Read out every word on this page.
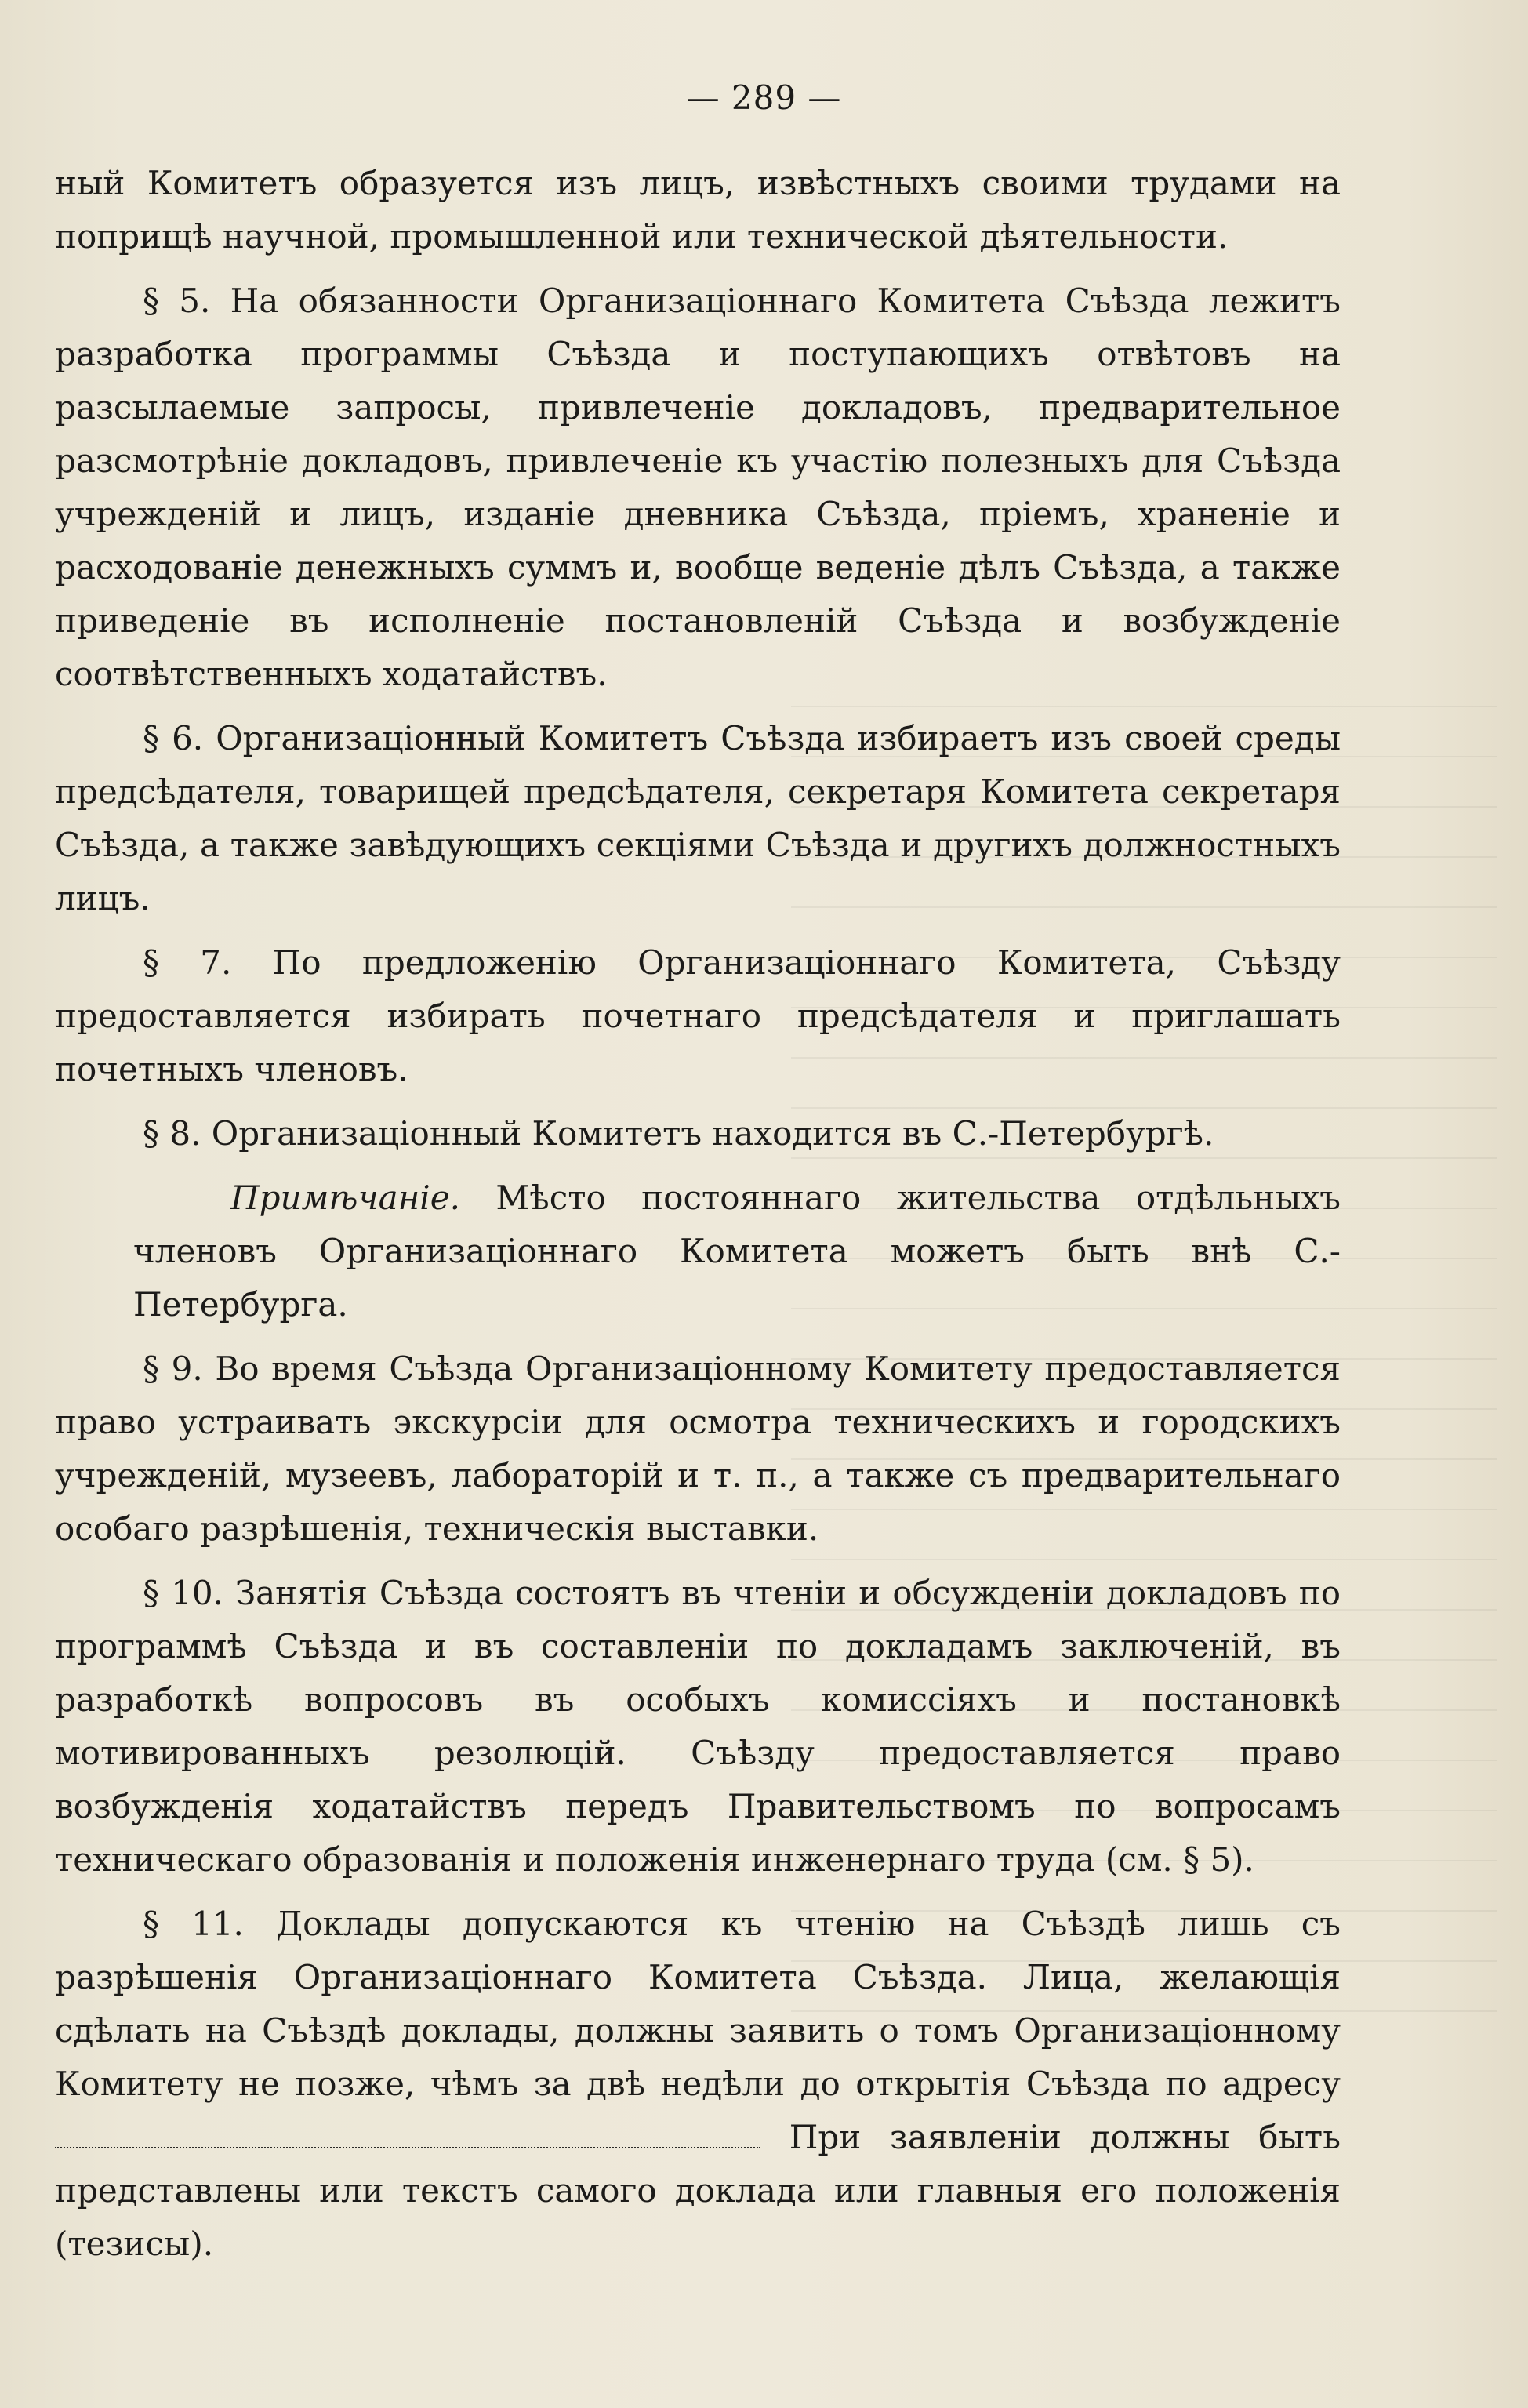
— 289 —

ный Комитетъ образуется изъ лицъ, извѣстныхъ своими трудами на поприщѣ научной, промышленной или технической дѣятельности.

§ 5. На обязанности Организаціоннаго Комитета Съѣзда лежитъ разработка программы Съѣзда и поступающихъ отвѣтовъ на разсылаемые запросы, привлеченіе докладовъ, предварительное разсмотрѣніе докладовъ, привлеченіе къ участію полезныхъ для Съѣзда учрежденій и лицъ, изданіе дневника Съѣзда, пріемъ, храненіе и расходованіе денежныхъ суммъ и, вообще веденіе дѣлъ Съѣзда, а также приведеніе въ исполненіе постановленій Съѣзда и возбужденіе соотвѣтственныхъ ходатайствъ.

§ 6. Организаціонный Комитетъ Съѣзда избираетъ изъ своей среды предсѣдателя, товарищей предсѣдателя, секретаря Комитета секретаря Съѣзда, а также завѣдующихъ секціями Съѣзда и другихъ должностныхъ лицъ.

§ 7. По предложенію Организаціоннаго Комитета, Съѣзду предоставляется избирать почетнаго предсѣдателя и приглашать почетныхъ членовъ.

§ 8. Организаціонный Комитетъ находится въ С.-Петербургѣ.

Примѣчаніе. Мѣсто постояннаго жительства отдѣльныхъ членовъ Организаціоннаго Комитета можетъ быть внѣ С.-Петербурга.

§ 9. Во время Съѣзда Организаціонному Комитету предоставляется право устраивать экскурсіи для осмотра техническихъ и городскихъ учрежденій, музеевъ, лабораторій и т. п., а также съ предварительнаго особаго разрѣшенія, техническія выставки.

§ 10. Занятія Съѣзда состоятъ въ чтеніи и обсужденіи докладовъ по программѣ Съѣзда и въ составленіи по докладамъ заключеній, въ разработкѣ вопросовъ въ особыхъ комиссіяхъ и постановкѣ мотивированныхъ резолюцій. Съѣзду предоставляется право возбужденія ходатайствъ передъ Правительствомъ по вопросамъ техническаго образованія и положенія инженернаго труда (см. § 5).

§ 11. Доклады допускаются къ чтенію на Съѣздѣ лишь съ разрѣшенія Организаціоннаго Комитета Съѣзда. Лица, желающія сдѣлать на Съѣздѣ доклады, должны заявить о томъ Организаціонному Комитету не позже, чѣмъ за двѣ недѣли до открытія Съѣзда по адресу При заявленіи должны быть представлены или текстъ самого доклада или главныя его положенія (тезисы).
